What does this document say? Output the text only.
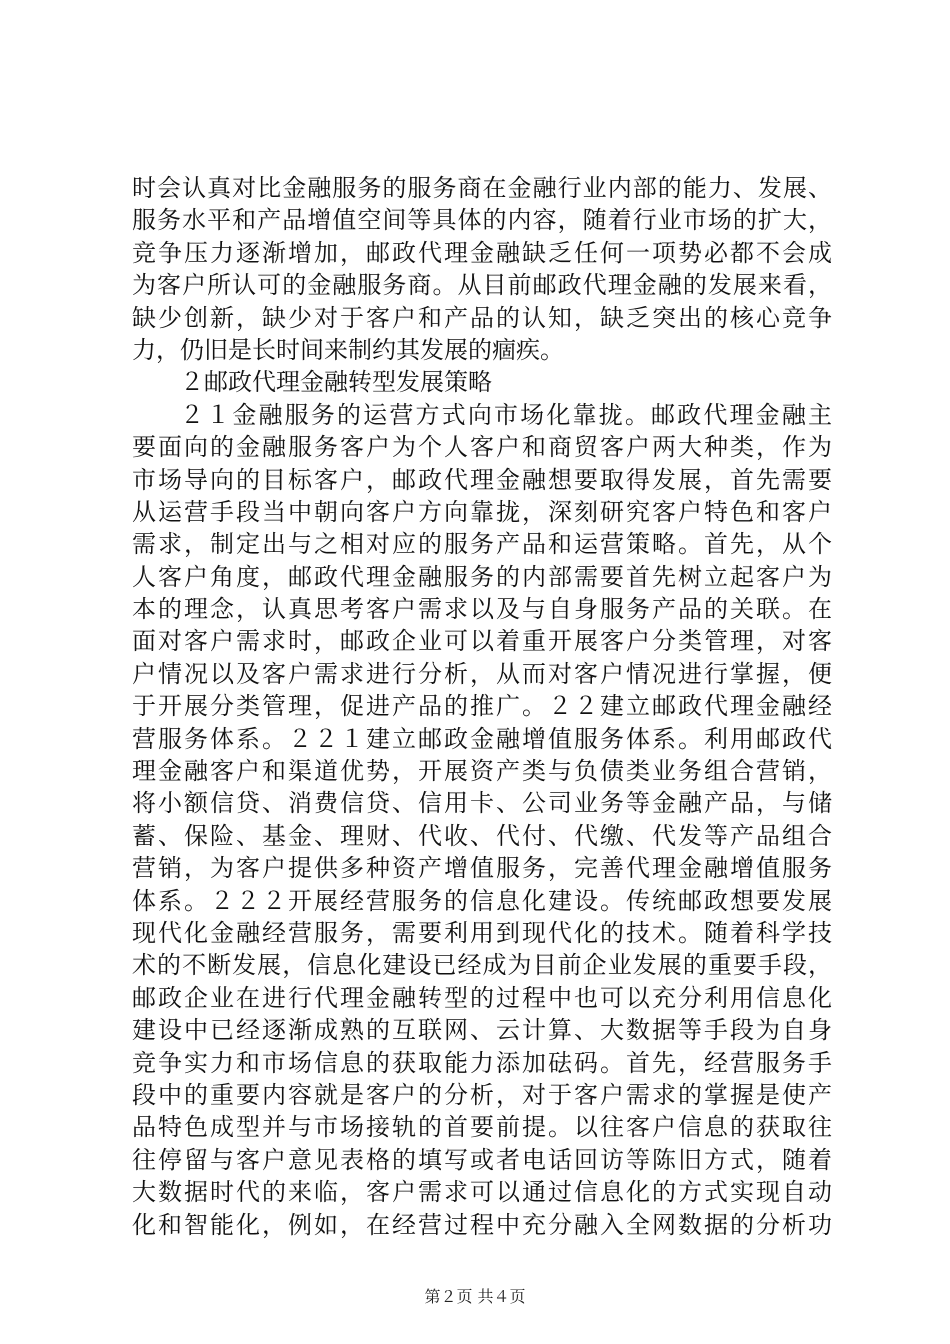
时会认真对比金融服务的服务商在金融行业内部的能力、发展、
服务水平和产品增值空间等具体的内容，随着行业市场的扩大，
竞争压力逐渐增加，邮政代理金融缺乏任何一项势必都不会成
为客户所认可的金融服务商。从目前邮政代理金融的发展来看，
缺少创新，缺少对于客户和产品的认知，缺乏突出的核心竞争
力，仍旧是长时间来制约其发展的痼疾。
２邮政代理金融转型发展策略
２１金融服务的运营方式向市场化靠拢。邮政代理金融主
要面向的金融服务客户为个人客户和商贸客户两大种类，作为
市场导向的目标客户，邮政代理金融想要取得发展，首先需要
从运营手段当中朝向客户方向靠拢，深刻研究客户特色和客户
需求，制定出与之相对应的服务产品和运营策略。首先，从个
人客户角度，邮政代理金融服务的内部需要首先树立起客户为
本的理念，认真思考客户需求以及与自身服务产品的关联。在
面对客户需求时，邮政企业可以着重开展客户分类管理，对客
户情况以及客户需求进行分析，从而对客户情况进行掌握，便
于开展分类管理，促进产品的推广。２２建立邮政代理金融经
营服务体系。２２１建立邮政金融增值服务体系。利用邮政代
理金融客户和渠道优势，开展资产类与负债类业务组合营销，
将小额信贷、消费信贷、信用卡、公司业务等金融产品，与储
蓄、保险、基金、理财、代收、代付、代缴、代发等产品组合
营销，为客户提供多种资产增值服务，完善代理金融增值服务
体系。２２２开展经营服务的信息化建设。传统邮政想要发展
现代化金融经营服务，需要利用到现代化的技术。随着科学技
术的不断发展，信息化建设已经成为目前企业发展的重要手段，
邮政企业在进行代理金融转型的过程中也可以充分利用信息化
建设中已经逐渐成熟的互联网、云计算、大数据等手段为自身
竞争实力和市场信息的获取能力添加砝码。首先，经营服务手
段中的重要内容就是客户的分析，对于客户需求的掌握是使产
品特色成型并与市场接轨的首要前提。以往客户信息的获取往
往停留与客户意见表格的填写或者电话回访等陈旧方式，随着
大数据时代的来临，客户需求可以通过信息化的方式实现自动
化和智能化，例如，在经营过程中充分融入全网数据的分析功
第２页 共４页
